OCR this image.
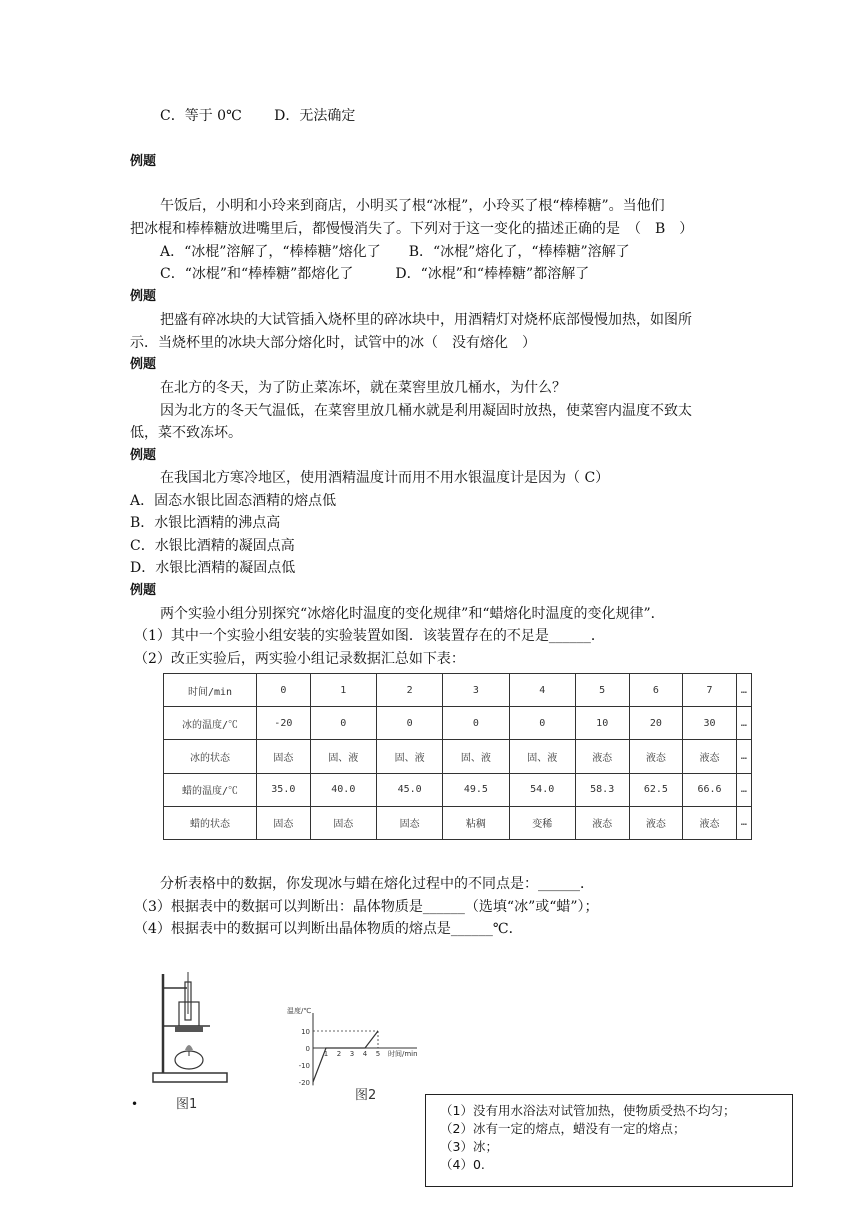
C．等于 0℃　　 D．无法确定
例题
午饭后，小明和小玲来到商店，小明买了根“冰棍”，小玲买了根“棒棒糖”。当他们
把冰棍和棒棒糖放进嘴里后，都慢慢消失了。下列对于这一变化的描述正确的是　（　B　）
A．“冰棍”溶解了，“棒棒糖”熔化了　　B．“冰棍”熔化了，“棒棒糖”溶解了
C．“冰棍”和“棒棒糖”都熔化了　　　D．“冰棍”和“棒棒糖”都溶解了
例题
把盛有碎冰块的大试管插入烧杯里的碎冰块中，用酒精灯对烧杯底部慢慢加热，如图所
示．当烧杯里的冰块大部分熔化时，试管中的冰（　没有熔化　）
例题
在北方的冬天，为了防止菜冻坏，就在菜窖里放几桶水，为什么？
因为北方的冬天气温低，在菜窖里放几桶水就是利用凝固时放热，使菜窖内温度不致太
低，菜不致冻坏。
例题
在我国北方寒冷地区，使用酒精温度计而用不用水银温度计是因为（ C）
A．固态水银比固态酒精的熔点低
B．水银比酒精的沸点高
C．水银比酒精的凝固点高
D．水银比酒精的凝固点低
例题
两个实验小组分别探究“冰熔化时温度的变化规律”和“蜡熔化时温度的变化规律”．
（1）其中一个实验小组安装的实验装置如图．该装置存在的不足是______．
（2）改正实验后，两实验小组记录数据汇总如下表：
时间/min	0	1	2	3	4	5	6	7	…
冰的温度/℃	-20	0	0	0	0	10	20	30	…
冰的状态	固态	固、液	固、液	固、液	固、液	液态	液态	液态	…
蜡的温度/℃	35.0	40.0	45.0	49.5	54.0	58.3	62.5	66.6	…
蜡的状态	固态	固态	固态	粘稠	变稀	液态	液态	液态	…
分析表格中的数据，你发现冰与蜡在熔化过程中的不同点是：______．
（3）根据表中的数据可以判断出：晶体物质是______（选填“冰”或“蜡”）；
（4）根据表中的数据可以判断出晶体物质的熔点是______℃．
图1
温度/℃
时间/min
10
0
-10
-20
1 2 3 4 5
图2
•	（1）没有用水浴法对试管加热，使物质受热不均匀；
（2）冰有一定的熔点，蜡没有一定的熔点；
（3）冰；
（4）0.
